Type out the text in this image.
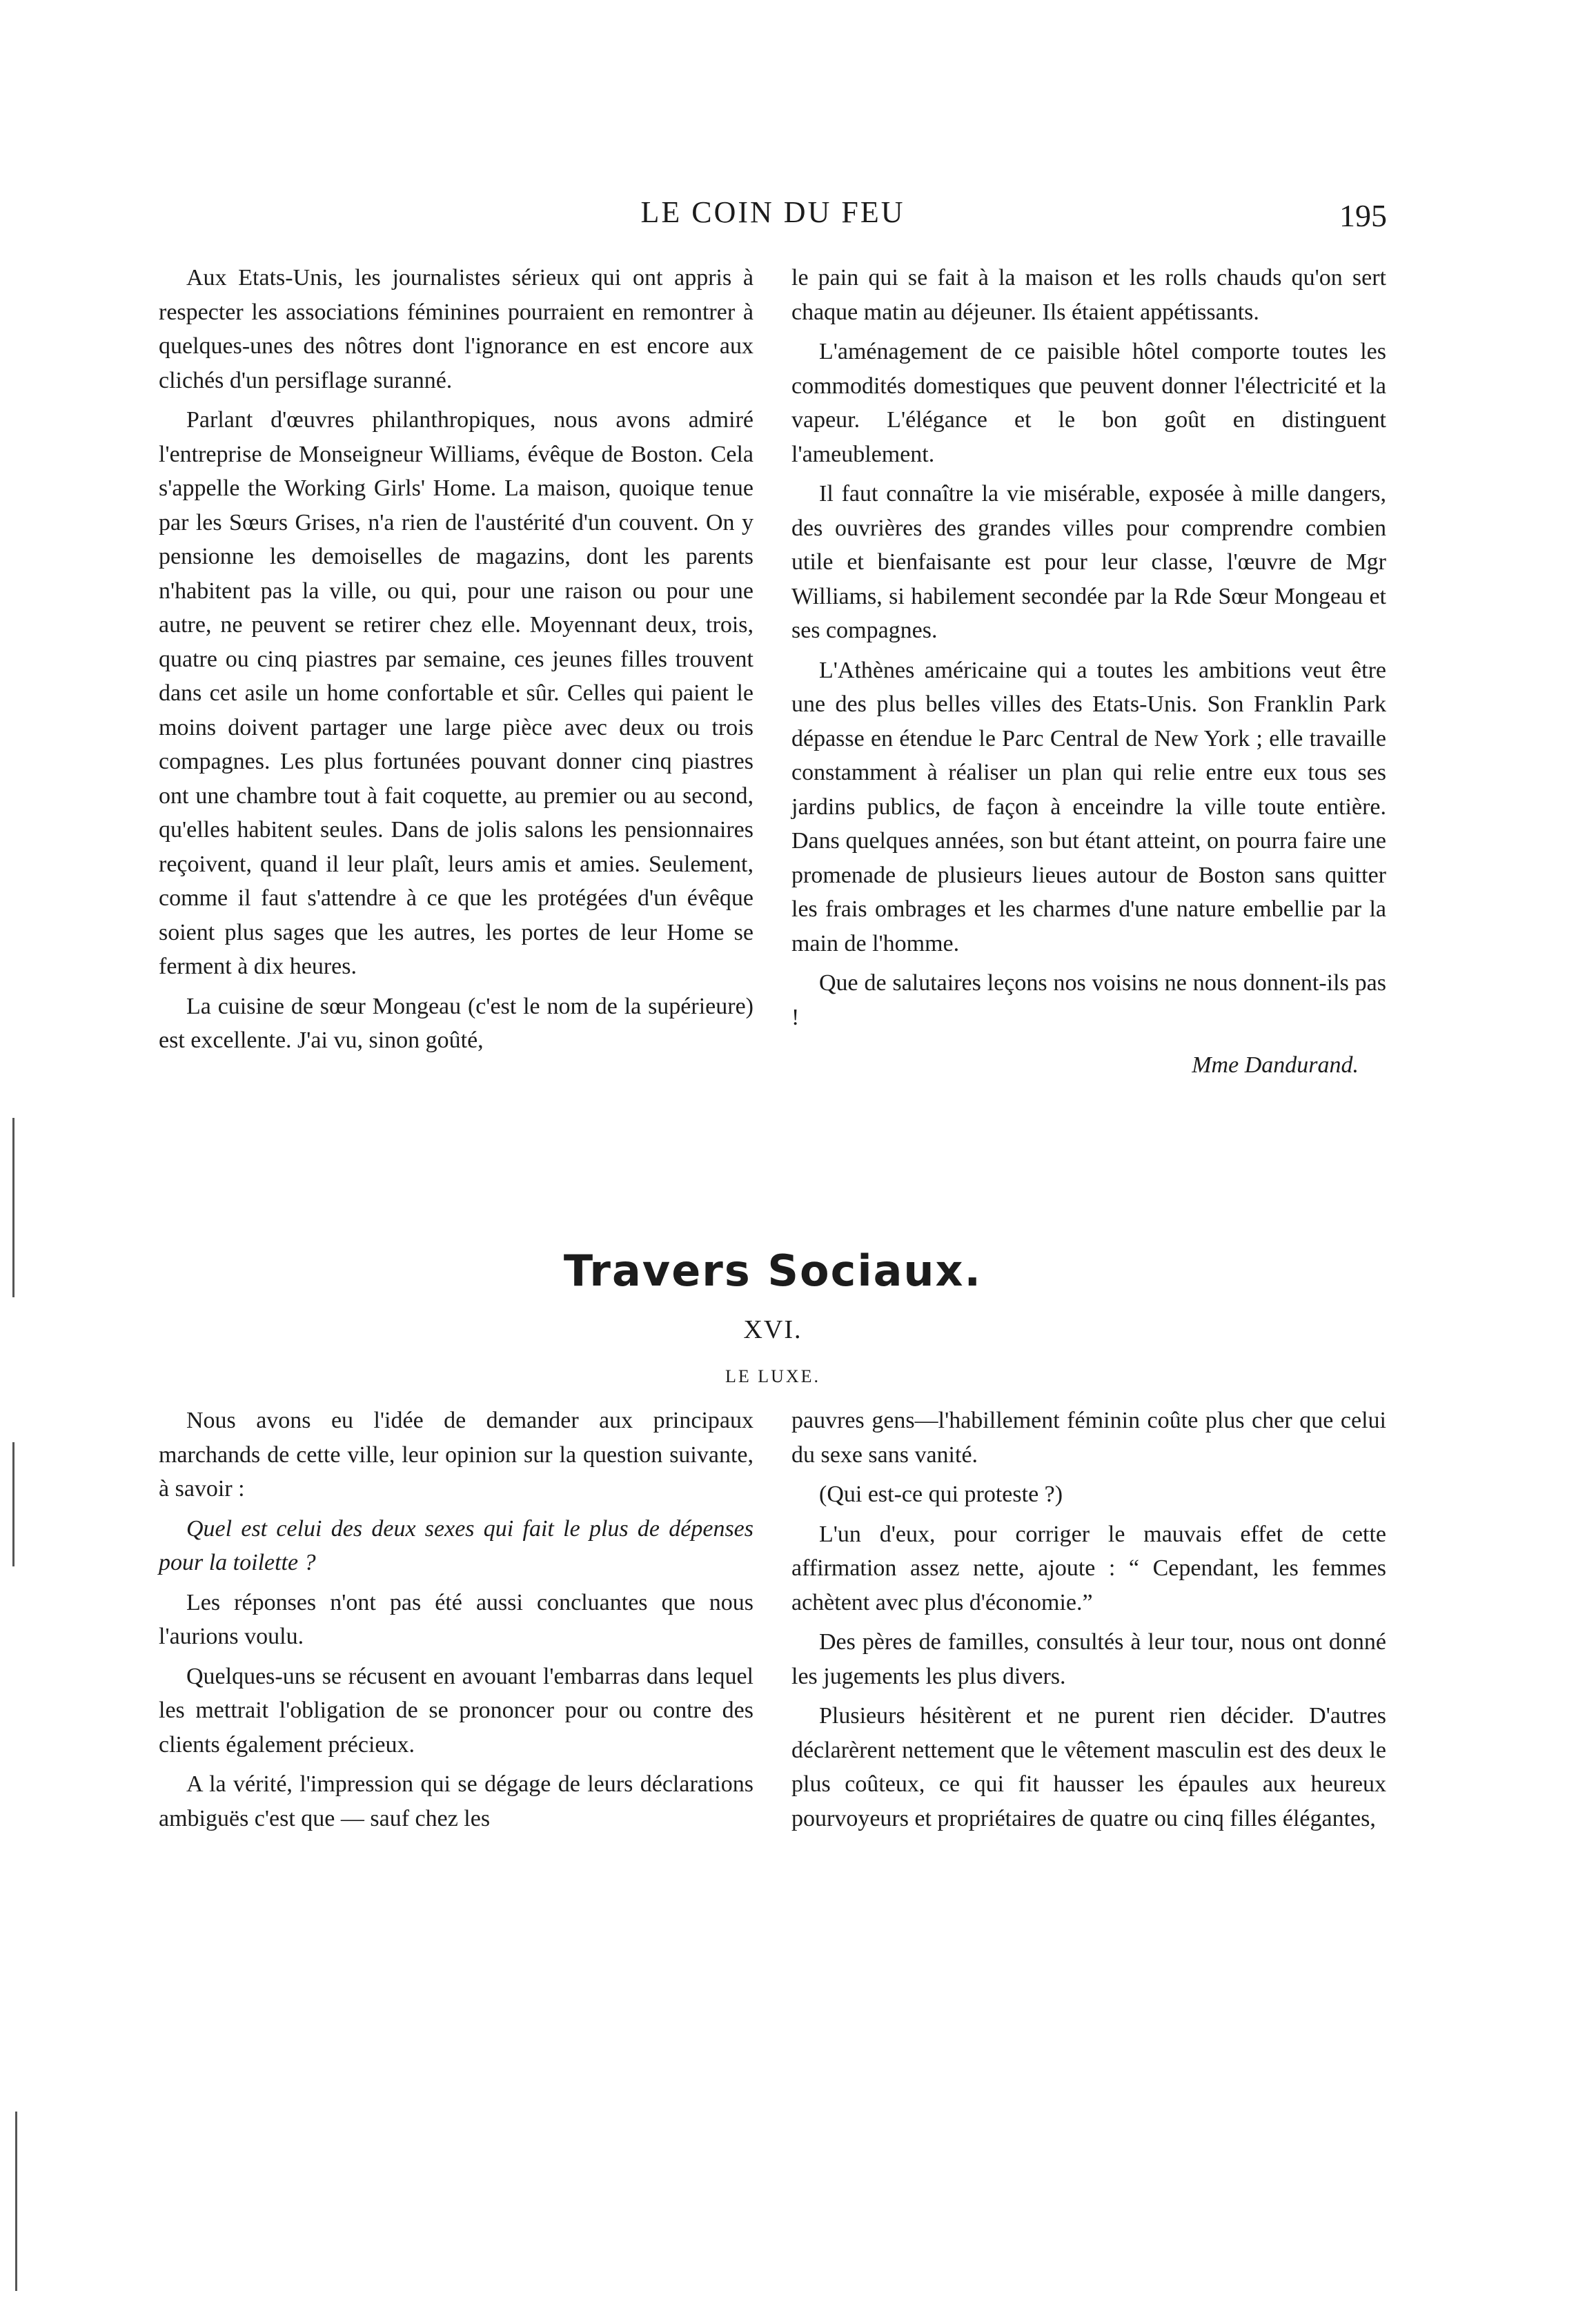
LE COIN DU FEU	195

Aux Etats-Unis, les journalistes sérieux qui ont appris à respecter les associations féminines pourraient en remontrer à quelques-unes des nôtres dont l'ignorance en est encore aux clichés d'un persiflage suranné.

Parlant d'œuvres philanthropiques, nous avons admiré l'entreprise de Monseigneur Williams, évêque de Boston. Cela s'appelle the Working Girls' Home. La maison, quoique tenue par les Sœurs Grises, n'a rien de l'austérité d'un couvent. On y pensionne les demoiselles de magazins, dont les parents n'habitent pas la ville, ou qui, pour une raison ou pour une autre, ne peuvent se retirer chez elle. Moyennant deux, trois, quatre ou cinq piastres par semaine, ces jeunes filles trouvent dans cet asile un home confortable et sûr. Celles qui paient le moins doivent partager une large pièce avec deux ou trois compagnes. Les plus fortunées pouvant donner cinq piastres ont une chambre tout à fait coquette, au premier ou au second, qu'elles habitent seules. Dans de jolis salons les pensionnaires reçoivent, quand il leur plaît, leurs amis et amies. Seulement, comme il faut s'attendre à ce que les protégées d'un évêque soient plus sages que les autres, les portes de leur Home se ferment à dix heures.

La cuisine de sœur Mongeau (c'est le nom de la supérieure) est excellente. J'ai vu, sinon goûté,

le pain qui se fait à la maison et les rolls chauds qu'on sert chaque matin au déjeuner. Ils étaient appétissants.

L'aménagement de ce paisible hôtel comporte toutes les commodités domestiques que peuvent donner l'électricité et la vapeur. L'élégance et le bon goût en distinguent l'ameublement.

Il faut connaître la vie misérable, exposée à mille dangers, des ouvrières des grandes villes pour comprendre combien utile et bienfaisante est pour leur classe, l'œuvre de Mgr Williams, si habilement secondée par la Rde Sœur Mongeau et ses compagnes.

L'Athènes américaine qui a toutes les ambitions veut être une des plus belles villes des Etats-Unis. Son Franklin Park dépasse en étendue le Parc Central de New York ; elle travaille constamment à réaliser un plan qui relie entre eux tous ses jardins publics, de façon à enceindre la ville toute entière. Dans quelques années, son but étant atteint, on pourra faire une promenade de plusieurs lieues autour de Boston sans quitter les frais ombrages et les charmes d'une nature embellie par la main de l'homme.

Que de salutaires leçons nos voisins ne nous donnent-ils pas !

Mme Dandurand.

Travers Sociaux.
XVI.
LE LUXE.

Nous avons eu l'idée de demander aux principaux marchands de cette ville, leur opinion sur la question suivante, à savoir :

Quel est celui des deux sexes qui fait le plus de dépenses pour la toilette ?

Les réponses n'ont pas été aussi concluantes que nous l'aurions voulu.

Quelques-uns se récusent en avouant l'embarras dans lequel les mettrait l'obligation de se prononcer pour ou contre des clients également précieux.

A la vérité, l'impression qui se dégage de leurs déclarations ambiguës c'est que — sauf chez les

pauvres gens—l'habillement féminin coûte plus cher que celui du sexe sans vanité.

(Qui est-ce qui proteste ?)

L'un d'eux, pour corriger le mauvais effet de cette affirmation assez nette, ajoute : “ Cependant, les femmes achètent avec plus d'économie.”

Des pères de familles, consultés à leur tour, nous ont donné les jugements les plus divers.

Plusieurs hésitèrent et ne purent rien décider. D'autres déclarèrent nettement que le vêtement masculin est des deux le plus coûteux, ce qui fit hausser les épaules aux heureux pourvoyeurs et propriétaires de quatre ou cinq filles élégantes,
